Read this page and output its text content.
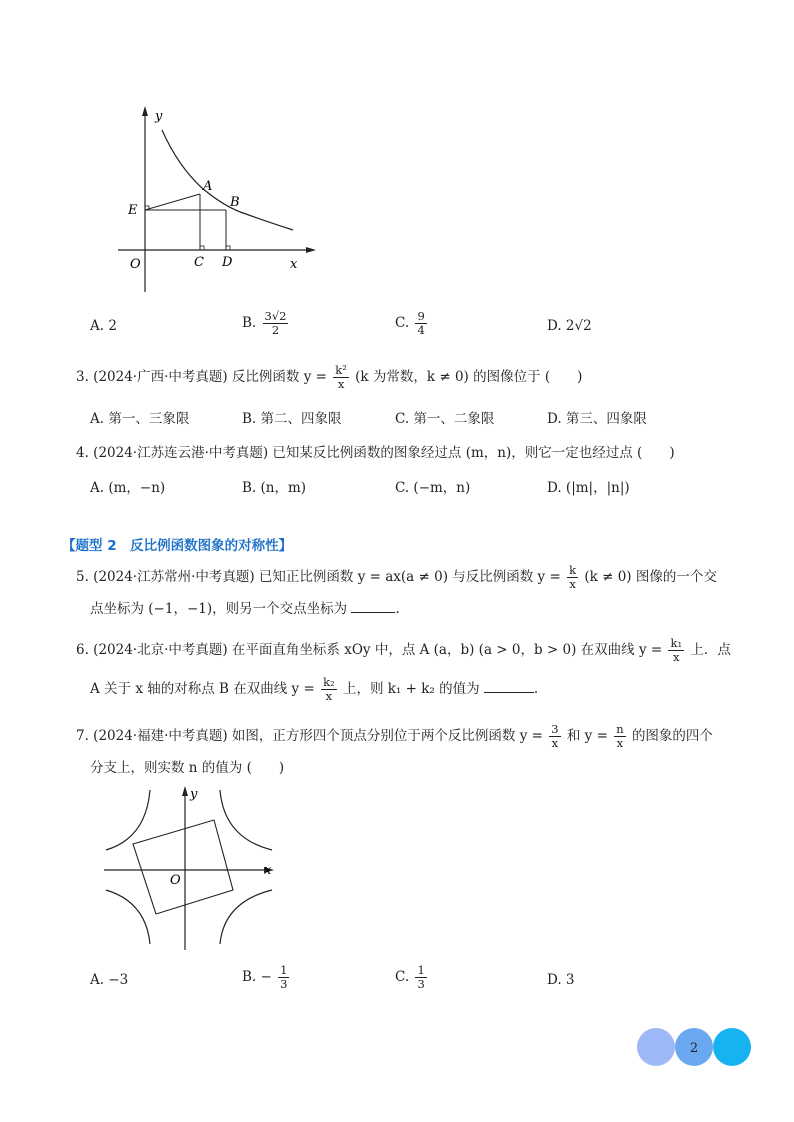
y
x
O
E
A
B
C D
A. 2	B. $\frac{3√2}{2}$	C. $\frac{9}{4}$	D. 2√2
3. (2024·广西·中考真题) 反比例函数 $y = \frac{\text{k²}}{x} (k$ 为常数，k ≠ 0) 的图像位于 (　　)
A. 第一、三象限	B. 第二、四象限	C. 第一、二象限	D. 第三、四象限
4. (2024·江苏连云港·中考真题) 已知某反比例函数的图象经过点 (m，n)，则它一定也经过点 (　　)
A. (m，−n)	B. (n，m)	C. (−m，n)	D. (|m|，|n|)
【题型 2　反比例函数图象的对称性】
5. (2024·江苏常州·中考真题) 已知正比例函数 y = ax(a ≠ 0) 与反比例函数 $y = \frac{k}{x} (k \ne 0)$ 图像的一个交
点坐标为 (−1，−1)，则另一个交点坐标为	.
6. (2024·北京·中考真题) 在平面直角坐标系 xOy 中，点 A (a，b) (a > 0，b > 0) 在双曲线 $y = \frac{\text{k₁}}{x}$ 上．点
A 关于 x 轴的对称点 B 在双曲线 $y = \frac{\text{k₂}}{x}$ 上，则 k₁ + k₂ 的值为	.
7. (2024·福建·中考真题) 如图，正方形四个顶点分别位于两个反比例函数 $y = \frac{3}{x}$ 和 $y = \frac{n}{x}$ 的图象的四个
分支上，则实数 n 的值为 (　　)
y
x
O
A. −3	B. − $\frac{1}{3}$	C. $\frac{1}{3}$	D. 3
2
